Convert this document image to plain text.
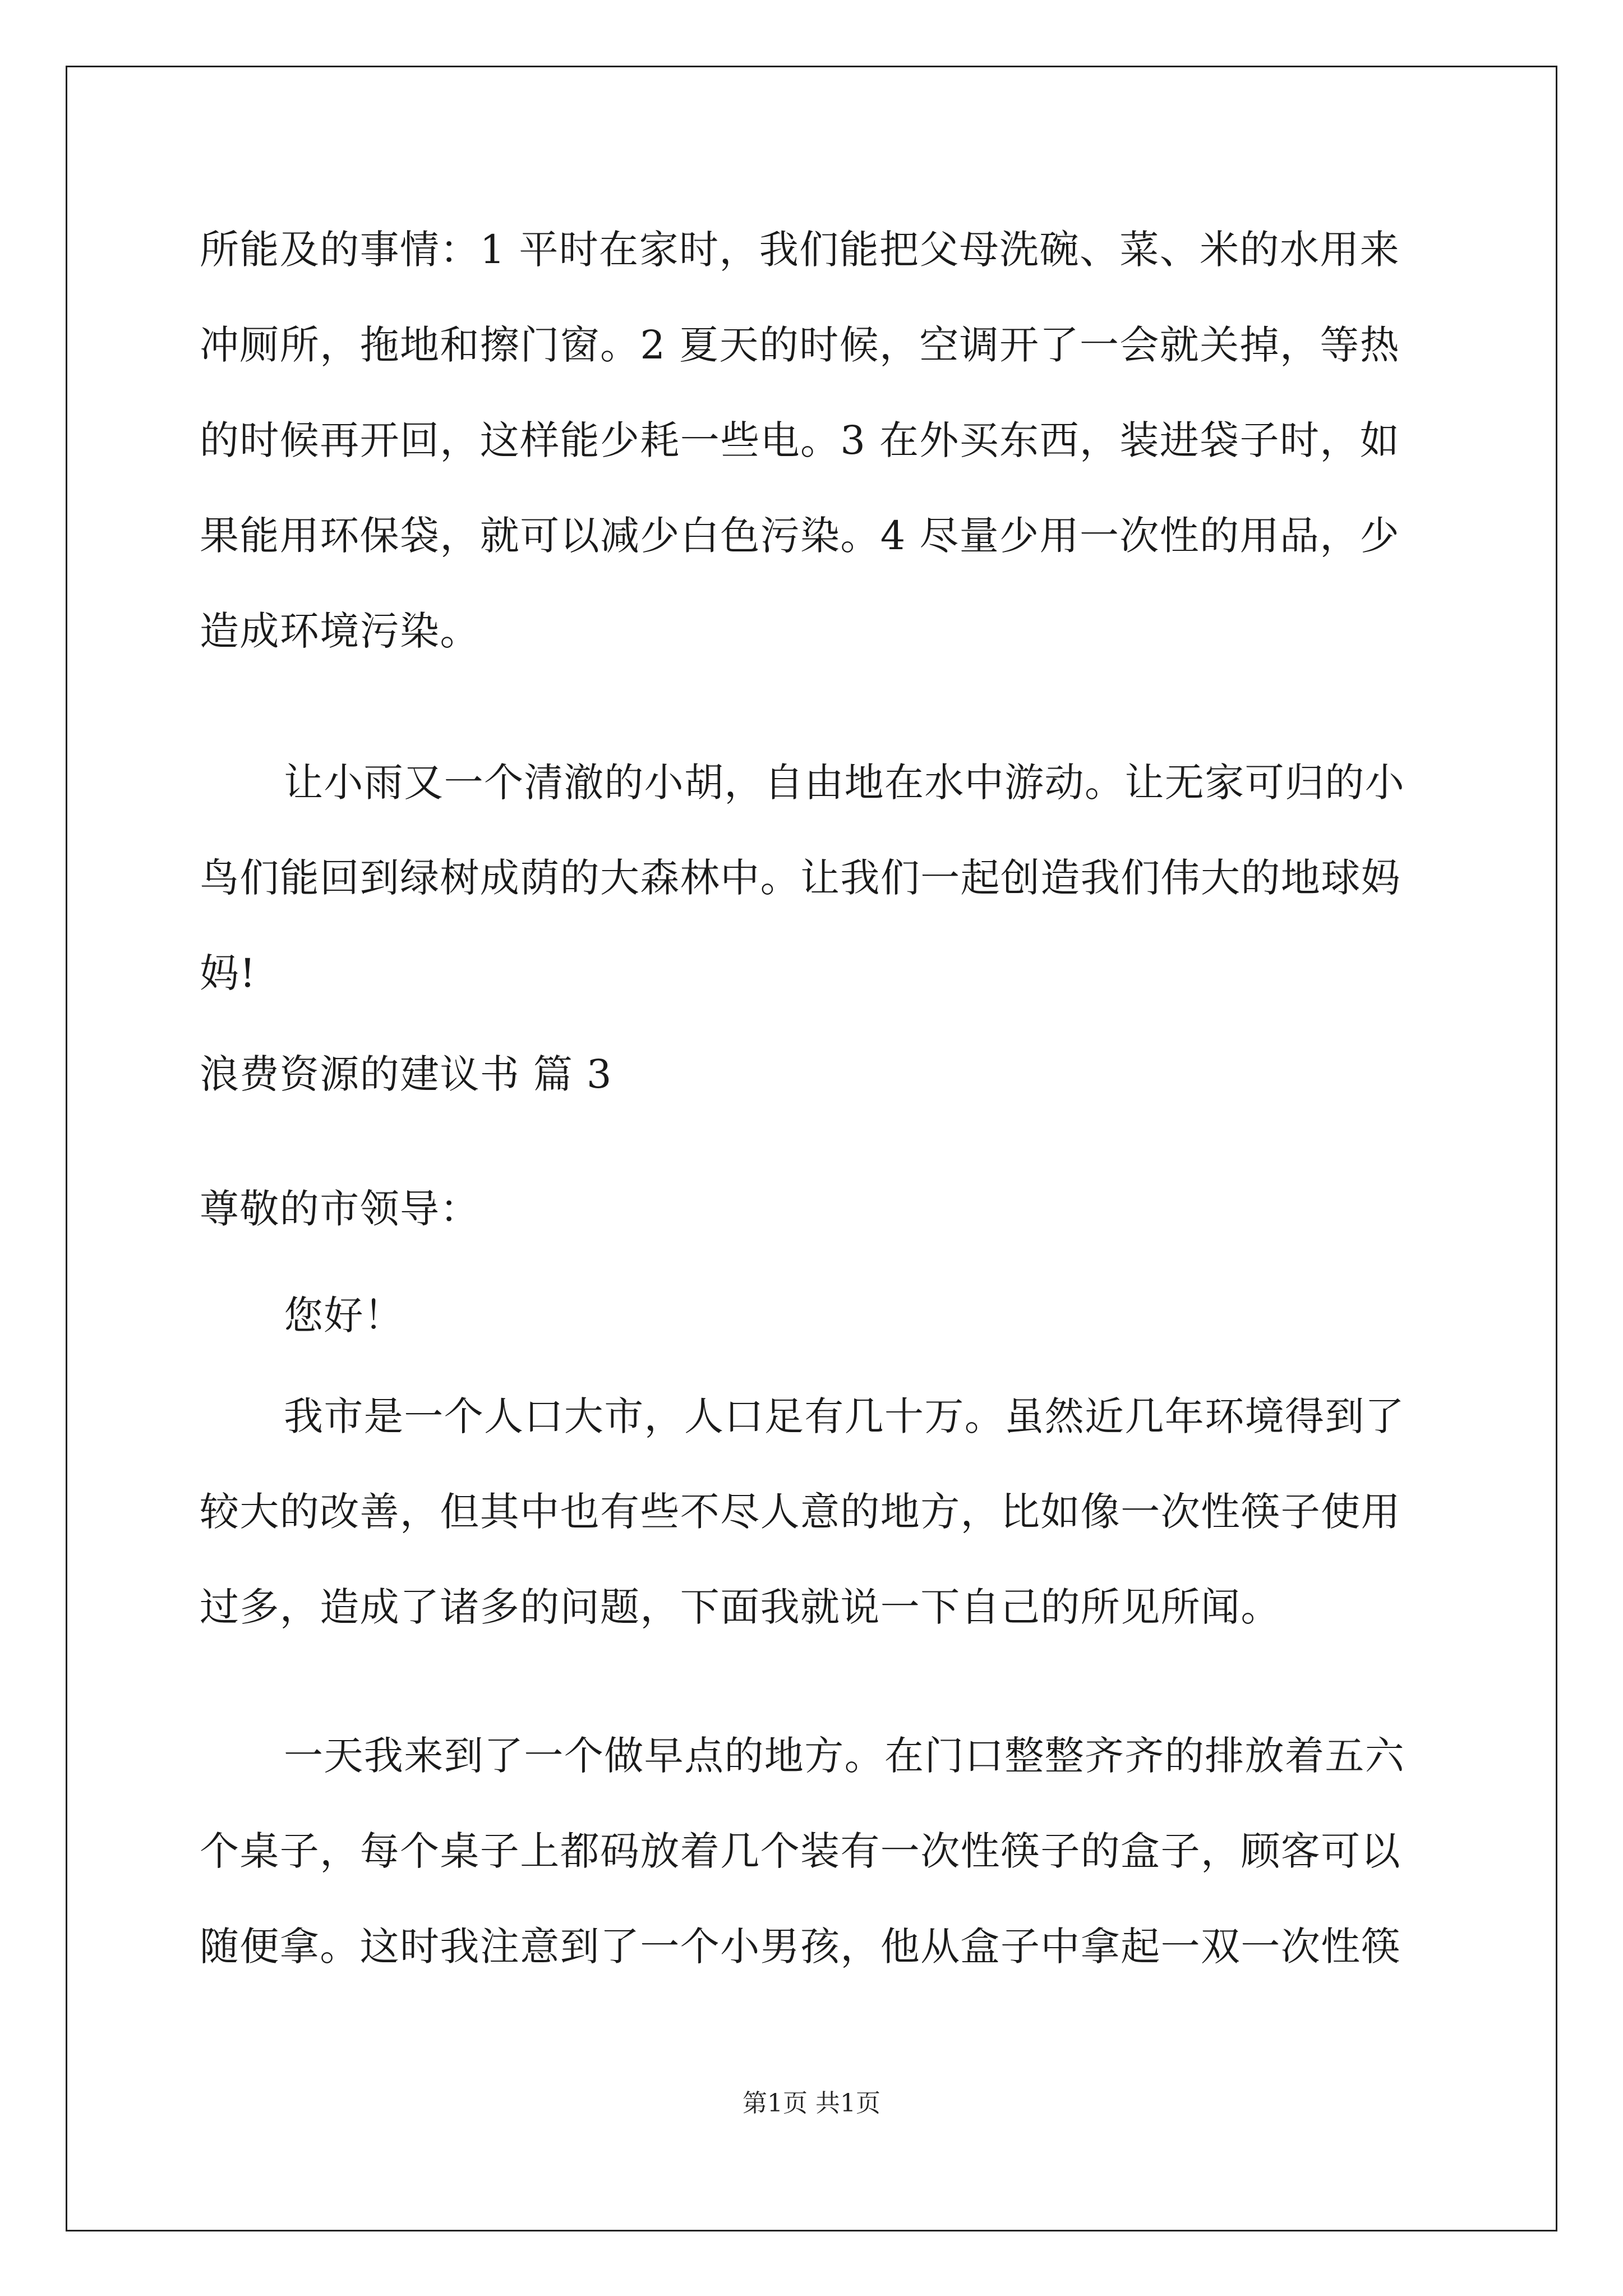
所能及的事情：1 平时在家时，我们能把父母洗碗、菜、米的水用来
冲厕所，拖地和擦门窗。2 夏天的时候，空调开了一会就关掉，等热
的时候再开回，这样能少耗一些电。3 在外买东西，装进袋子时，如
果能用环保袋，就可以减少白色污染。4 尽量少用一次性的用品，少
造成环境污染。
让小雨又一个清澈的小胡，自由地在水中游动。让无家可归的小
鸟们能回到绿树成荫的大森林中。让我们一起创造我们伟大的地球妈
妈!
浪费资源的建议书 篇 3
尊敬的市领导：
您好！
我市是一个人口大市，人口足有几十万。虽然近几年环境得到了
较大的改善，但其中也有些不尽人意的地方，比如像一次性筷子使用
过多，造成了诸多的问题，下面我就说一下自己的所见所闻。
一天我来到了一个做早点的地方。在门口整整齐齐的排放着五六
个桌子，每个桌子上都码放着几个装有一次性筷子的盒子，顾客可以
随便拿。这时我注意到了一个小男孩，他从盒子中拿起一双一次性筷
第1页 共1页
